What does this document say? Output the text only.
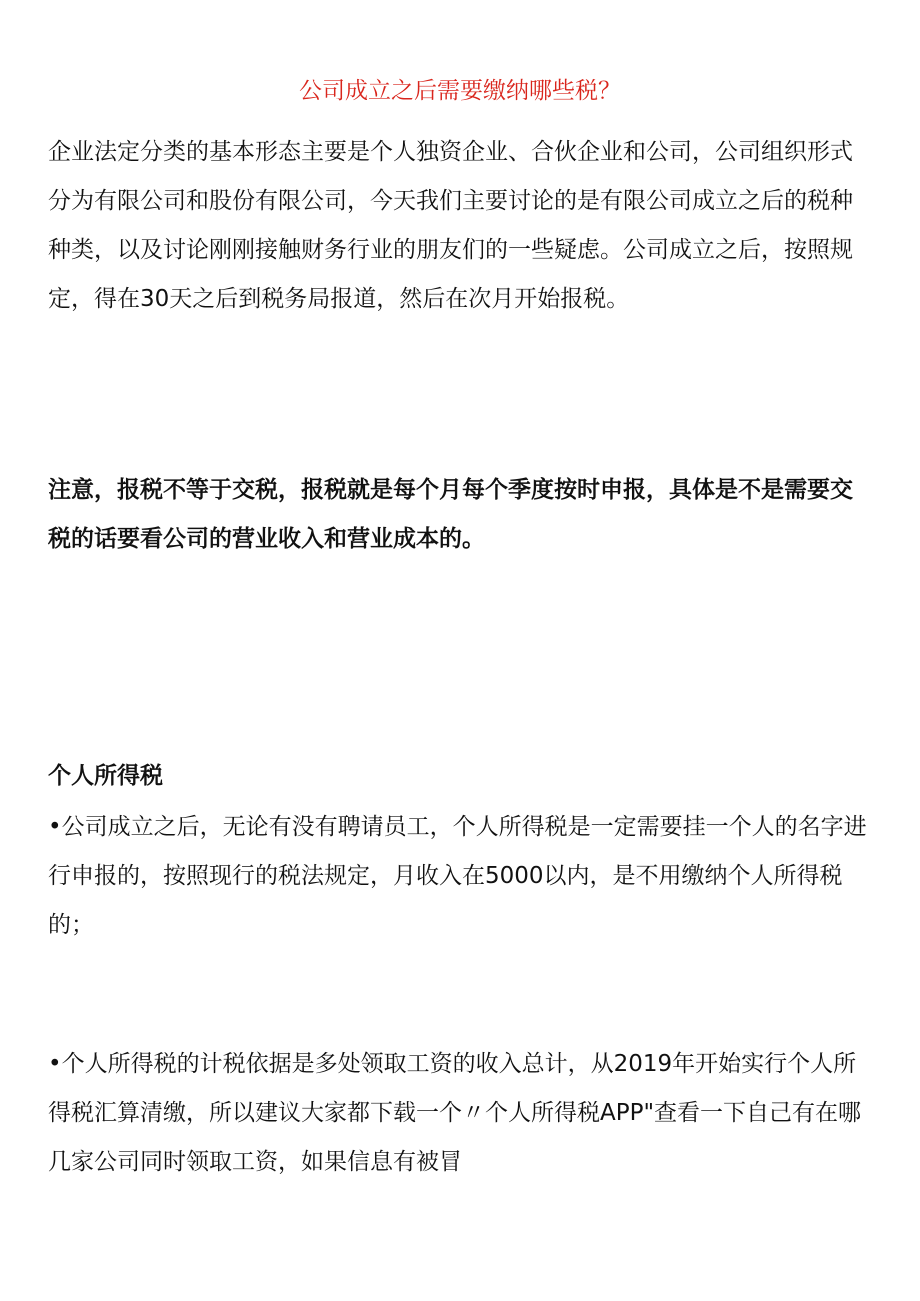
公司成立之后需要缴纳哪些税？

企业法定分类的基本形态主要是个人独资企业、合伙企业和公司，公司组织形式分为有限公司和股份有限公司，今天我们主要讨论的是有限公司成立之后的税种种类，以及讨论刚刚接触财务行业的朋友们的一些疑虑。公司成立之后，按照规定，得在30天之后到税务局报道，然后在次月开始报税。

注意，报税不等于交税，报税就是每个月每个季度按时申报，具体是不是需要交税的话要看公司的营业收入和营业成本的。

个人所得税

•公司成立之后，无论有没有聘请员工，个人所得税是一定需要挂一个人的名字进行申报的，按照现行的税法规定，月收入在5000以内，是不用缴纳个人所得税的；

•个人所得税的计税依据是多处领取工资的收入总计，从2019年开始实行个人所得税汇算清缴，所以建议大家都下载一个〃个人所得税APP"查看一下自己有在哪几家公司同时领取工资，如果信息有被冒
